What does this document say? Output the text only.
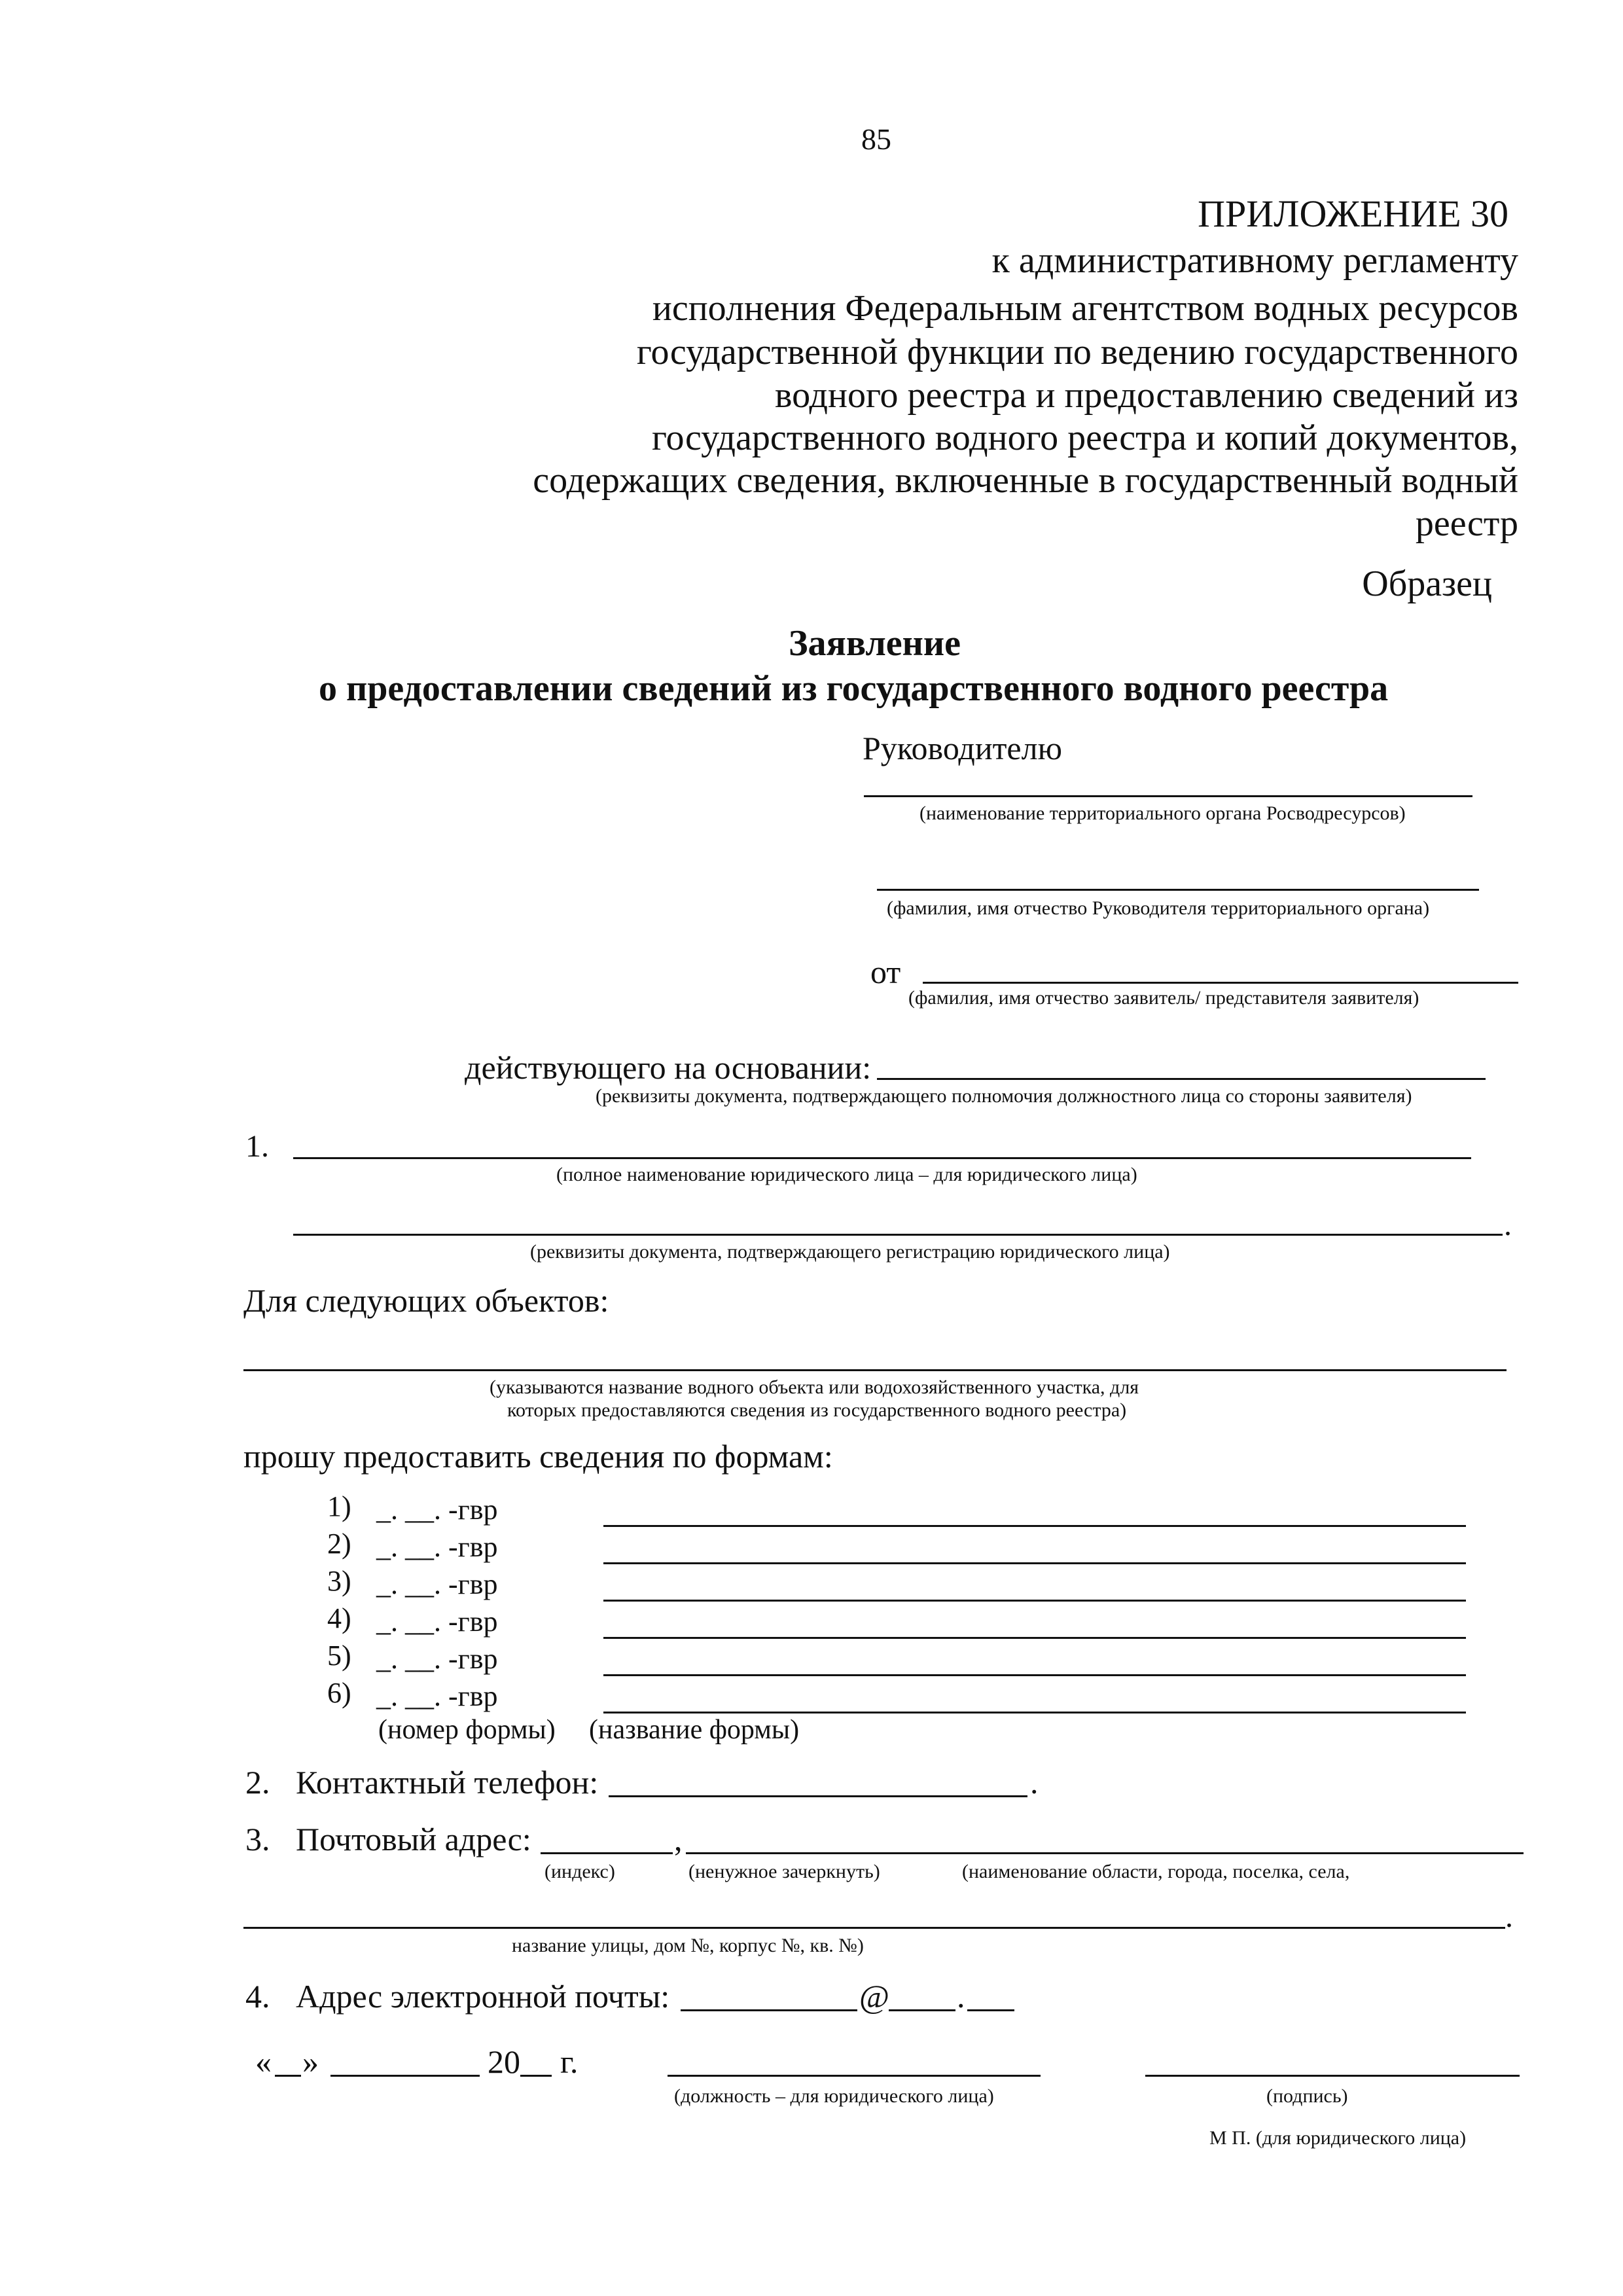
85
ПРИЛОЖЕНИЕ 30
к административному регламенту
исполнения Федеральным агентством водных ресурсов
государственной функции по ведению государственного
водного реестра и предоставлению сведений из
государственного водного реестра и копий документов,
содержащих сведения, включенные в государственный водный
реестр
Образец
Заявление
о предоставлении сведений из государственного водного реестра
Руководителю
(наименование территориального органа Росводресурсов)
(фамилия, имя отчество Руководителя территориального органа)
от
(фамилия, имя отчество заявитель/ представителя заявителя)
действующего на основании:
(реквизиты документа, подтверждающего полномочия должностного лица со стороны заявителя)
1.
(полное наименование юридического лица – для юридического лица)
.
(реквизиты документа, подтверждающего регистрацию юридического лица)
Для следующих объектов:
(указываются название водного объекта или водохозяйственного участка, для
которых предоставляются сведения из государственного водного реестра)
прошу предоставить сведения по формам:
1) _. __. -гвр
2) _. __. -гвр
3) _. __. -гвр
4) _. __. -гвр
5) _. __. -гвр
6) _. __. -гвр
(номер формы) (название формы)
2. Контактный телефон:	.
3. Почтовый адрес:	,
(индекс)	(ненужное зачеркнуть)	(наименование области, города, поселка, села,
.
название улицы, дом №, корпус №, кв. №)
4. Адрес электронной почты:	@ .
« »	20 г.
(должность – для юридического лица)	(подпись)
М П. (для юридического лица)
